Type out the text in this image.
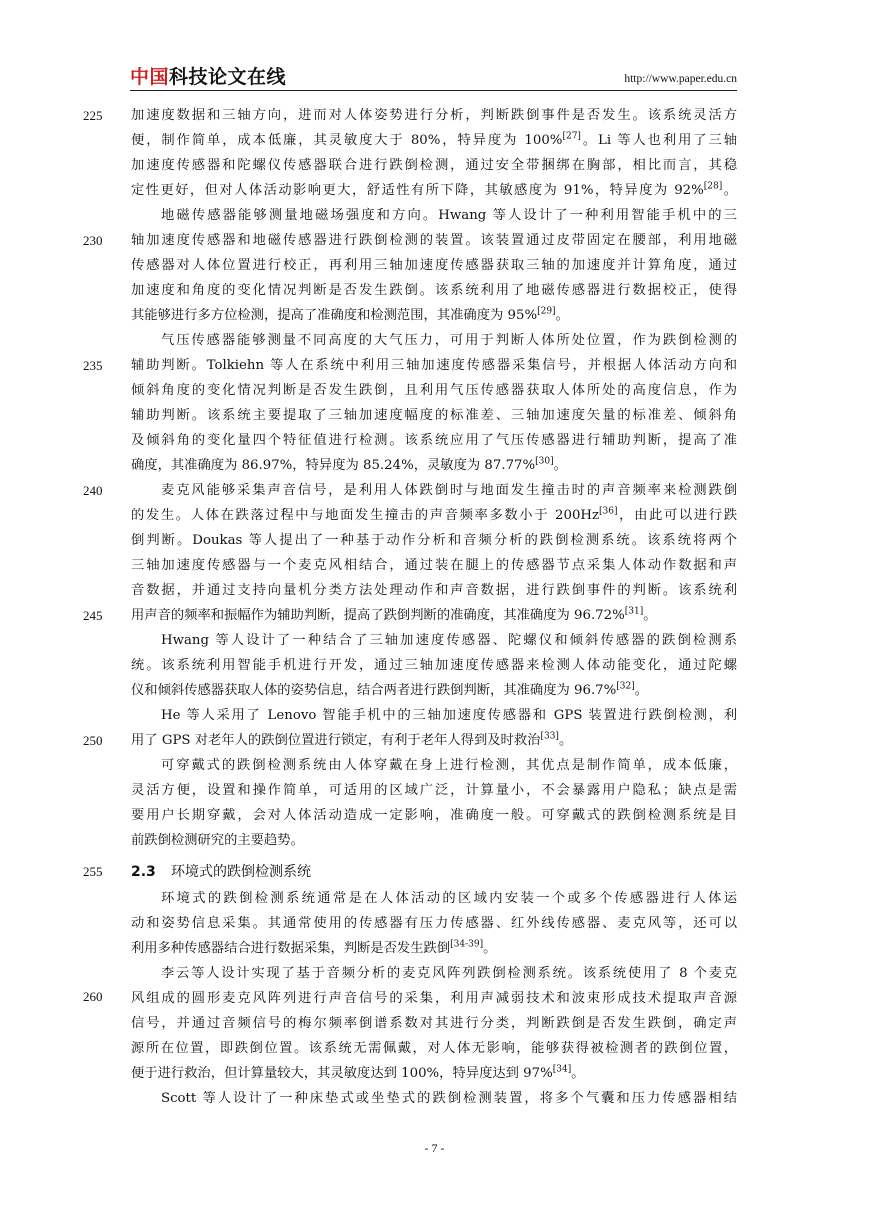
中国科技论文在线	http://www.paper.edu.cn
225
230
235
240
245
250
255
260

加速度数据和三轴方向，进而对人体姿势进行分析，判断跌倒事件是否发生。该系统灵活方

便，制作简单，成本低廉，其灵敏度大于 80%，特异度为 100%[27]。Li 等人也利用了三轴

加速度传感器和陀螺仪传感器联合进行跌倒检测，通过安全带捆绑在胸部，相比而言，其稳

定性更好，但对人体活动影响更大，舒适性有所下降，其敏感度为 91%，特异度为 92%[28]。

地磁传感器能够测量地磁场强度和方向。Hwang 等人设计了一种利用智能手机中的三

轴加速度传感器和地磁传感器进行跌倒检测的装置。该装置通过皮带固定在腰部，利用地磁

传感器对人体位置进行校正，再利用三轴加速度传感器获取三轴的加速度并计算角度，通过

加速度和角度的变化情况判断是否发生跌倒。该系统利用了地磁传感器进行数据校正，使得

其能够进行多方位检测，提高了准确度和检测范围，其准确度为 95%[29]。

气压传感器能够测量不同高度的大气压力，可用于判断人体所处位置，作为跌倒检测的

辅助判断。Tolkiehn 等人在系统中利用三轴加速度传感器采集信号，并根据人体活动方向和

倾斜角度的变化情况判断是否发生跌倒，且利用气压传感器获取人体所处的高度信息，作为

辅助判断。该系统主要提取了三轴加速度幅度的标准差、三轴加速度矢量的标准差、倾斜角

及倾斜角的变化量四个特征值进行检测。该系统应用了气压传感器进行辅助判断，提高了准

确度，其准确度为 86.97%，特异度为 85.24%，灵敏度为 87.77%[30]。

麦克风能够采集声音信号，是利用人体跌倒时与地面发生撞击时的声音频率来检测跌倒

的发生。人体在跌落过程中与地面发生撞击的声音频率多数小于 200Hz[36]，由此可以进行跌

倒判断。Doukas 等人提出了一种基于动作分析和音频分析的跌倒检测系统。该系统将两个

三轴加速度传感器与一个麦克风相结合，通过装在腿上的传感器节点采集人体动作数据和声

音数据，并通过支持向量机分类方法处理动作和声音数据，进行跌倒事件的判断。该系统利

用声音的频率和振幅作为辅助判断，提高了跌倒判断的准确度，其准确度为 96.72%[31]。

Hwang 等人设计了一种结合了三轴加速度传感器、陀螺仪和倾斜传感器的跌倒检测系

统。该系统利用智能手机进行开发，通过三轴加速度传感器来检测人体动能变化，通过陀螺

仪和倾斜传感器获取人体的姿势信息，结合两者进行跌倒判断，其准确度为 96.7%[32]。

He 等人采用了 Lenovo 智能手机中的三轴加速度传感器和 GPS 装置进行跌倒检测，利

用了 GPS 对老年人的跌倒位置进行锁定，有利于老年人得到及时救治[33]。

可穿戴式的跌倒检测系统由人体穿戴在身上进行检测，其优点是制作简单，成本低廉，

灵活方便，设置和操作简单，可适用的区域广泛，计算量小，不会暴露用户隐私；缺点是需

要用户长期穿戴，会对人体活动造成一定影响，准确度一般。可穿戴式的跌倒检测系统是目

前跌倒检测研究的主要趋势。

2.3 环境式的跌倒检测系统

环境式的跌倒检测系统通常是在人体活动的区域内安装一个或多个传感器进行人体运

动和姿势信息采集。其通常使用的传感器有压力传感器、红外线传感器、麦克风等，还可以

利用多种传感器结合进行数据采集，判断是否发生跌倒[34-39]。

李云等人设计实现了基于音频分析的麦克风阵列跌倒检测系统。该系统使用了 8 个麦克

风组成的圆形麦克风阵列进行声音信号的采集，利用声减弱技术和波束形成技术提取声音源

信号，并通过音频信号的梅尔频率倒谱系数对其进行分类，判断跌倒是否发生跌倒，确定声

源所在位置，即跌倒位置。该系统无需佩戴，对人体无影响，能够获得被检测者的跌倒位置，

便于进行救治，但计算量较大，其灵敏度达到 100%，特异度达到 97%[34]。

Scott 等人设计了一种床垫式或坐垫式的跌倒检测装置，将多个气囊和压力传感器相结

- 7 -
